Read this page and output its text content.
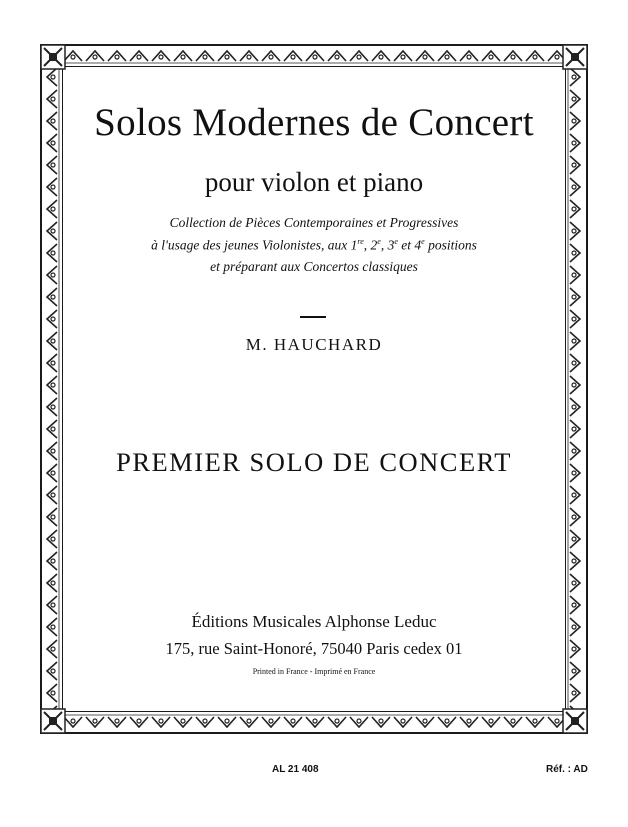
Solos Modernes de Concert
pour violon et piano
Collection de Pièces Contemporaines et Progressives
à l'usage des jeunes Violonistes, aux 1re, 2e, 3e et 4e positions
et préparant aux Concertos classiques
M. HAUCHARD
PREMIER SOLO DE CONCERT
Éditions Musicales Alphonse Leduc
175, rue Saint-Honoré, 75040 Paris cedex 01
Printed in France - Imprimé en France
AL 21 408	Réf. : AD
